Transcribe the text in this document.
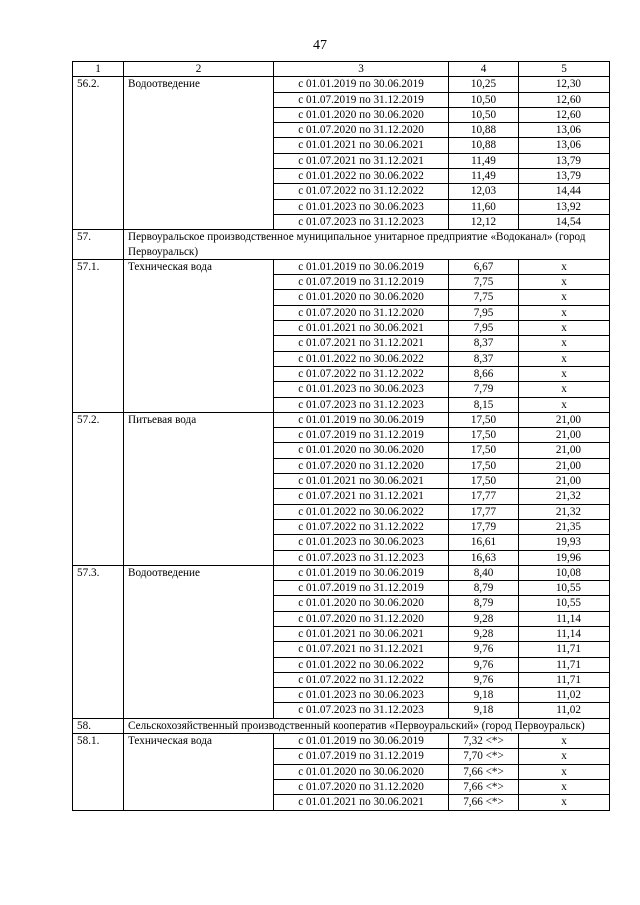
47
1	2	3	4	5
56.2.	Водоотведение	с 01.01.2019 по 30.06.2019	10,25	12,30
		с 01.07.2019 по 31.12.2019	10,50	12,60
		с 01.01.2020 по 30.06.2020	10,50	12,60
		с 01.07.2020 по 31.12.2020	10,88	13,06
		с 01.01.2021 по 30.06.2021	10,88	13,06
		с 01.07.2021 по 31.12.2021	11,49	13,79
		с 01.01.2022 по 30.06.2022	11,49	13,79
		с 01.07.2022 по 31.12.2022	12,03	14,44
		с 01.01.2023 по 30.06.2023	11,60	13,92
		с 01.07.2023 по 31.12.2023	12,12	14,54
57.	Первоуральское производственное муниципальное унитарное предприятие «Водоканал» (город Первоуральск)			
57.1.	Техническая вода	с 01.01.2019 по 30.06.2019	6,67	x
		с 01.07.2019 по 31.12.2019	7,75	x
		с 01.01.2020 по 30.06.2020	7,75	x
		с 01.07.2020 по 31.12.2020	7,95	x
		с 01.01.2021 по 30.06.2021	7,95	x
		с 01.07.2021 по 31.12.2021	8,37	x
		с 01.01.2022 по 30.06.2022	8,37	x
		с 01.07.2022 по 31.12.2022	8,66	x
		с 01.01.2023 по 30.06.2023	7,79	x
		с 01.07.2023 по 31.12.2023	8,15	x
57.2.	Питьевая вода	с 01.01.2019 по 30.06.2019	17,50	21,00
		с 01.07.2019 по 31.12.2019	17,50	21,00
		с 01.01.2020 по 30.06.2020	17,50	21,00
		с 01.07.2020 по 31.12.2020	17,50	21,00
		с 01.01.2021 по 30.06.2021	17,50	21,00
		с 01.07.2021 по 31.12.2021	17,77	21,32
		с 01.01.2022 по 30.06.2022	17,77	21,32
		с 01.07.2022 по 31.12.2022	17,79	21,35
		с 01.01.2023 по 30.06.2023	16,61	19,93
		с 01.07.2023 по 31.12.2023	16,63	19,96
57.3.	Водоотведение	с 01.01.2019 по 30.06.2019	8,40	10,08
		с 01.07.2019 по 31.12.2019	8,79	10,55
		с 01.01.2020 по 30.06.2020	8,79	10,55
		с 01.07.2020 по 31.12.2020	9,28	11,14
		с 01.01.2021 по 30.06.2021	9,28	11,14
		с 01.07.2021 по 31.12.2021	9,76	11,71
		с 01.01.2022 по 30.06.2022	9,76	11,71
		с 01.07.2022 по 31.12.2022	9,76	11,71
		с 01.01.2023 по 30.06.2023	9,18	11,02
		с 01.07.2023 по 31.12.2023	9,18	11,02
58.	Сельскохозяйственный производственный кооператив «Первоуральский» (город Первоуральск)			
58.1.	Техническая вода	с 01.01.2019 по 30.06.2019	7,32 <*>	x
		с 01.07.2019 по 31.12.2019	7,70 <*>	x
		с 01.01.2020 по 30.06.2020	7,66 <*>	x
		с 01.07.2020 по 31.12.2020	7,66 <*>	x
		с 01.01.2021 по 30.06.2021	7,66 <*>	x
